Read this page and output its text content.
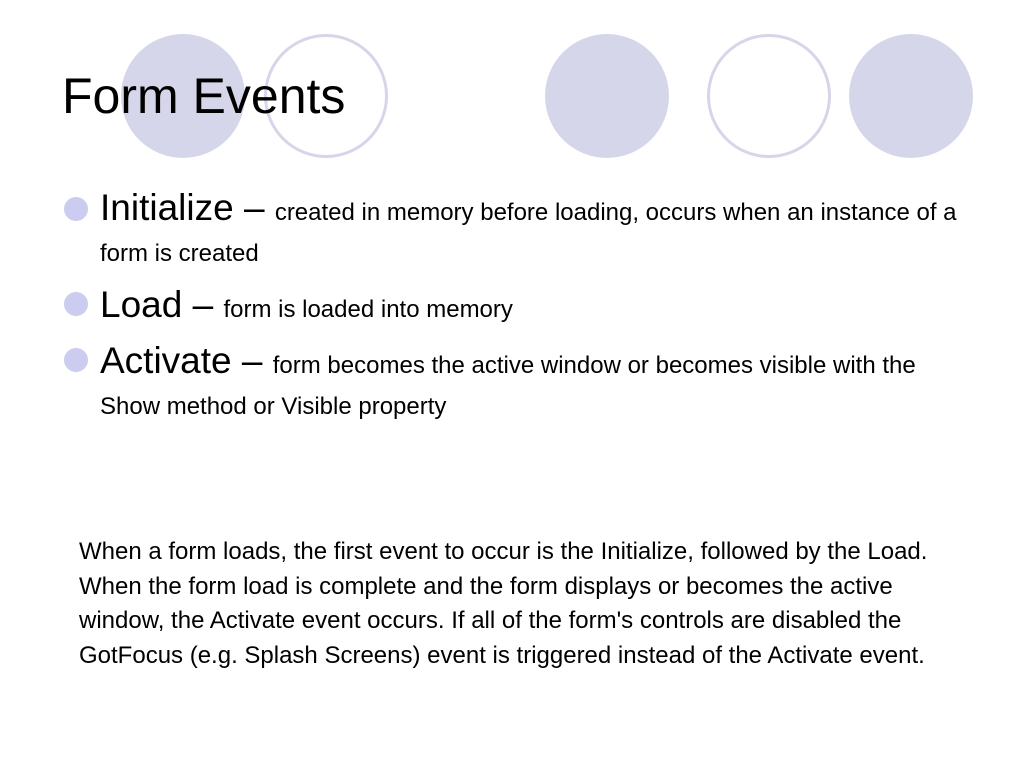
Form Events
Initialize – created in memory before loading, occurs when an instance of a form is created
Load – form is loaded into memory
Activate – form becomes the active window or becomes visible with the Show method or Visible property
When a form loads, the first event to occur is the Initialize, followed by the Load. When the form load is complete and the form displays or becomes the active window, the Activate event occurs. If all of the form's controls are disabled the GotFocus (e.g. Splash Screens) event is triggered instead of the Activate event.
